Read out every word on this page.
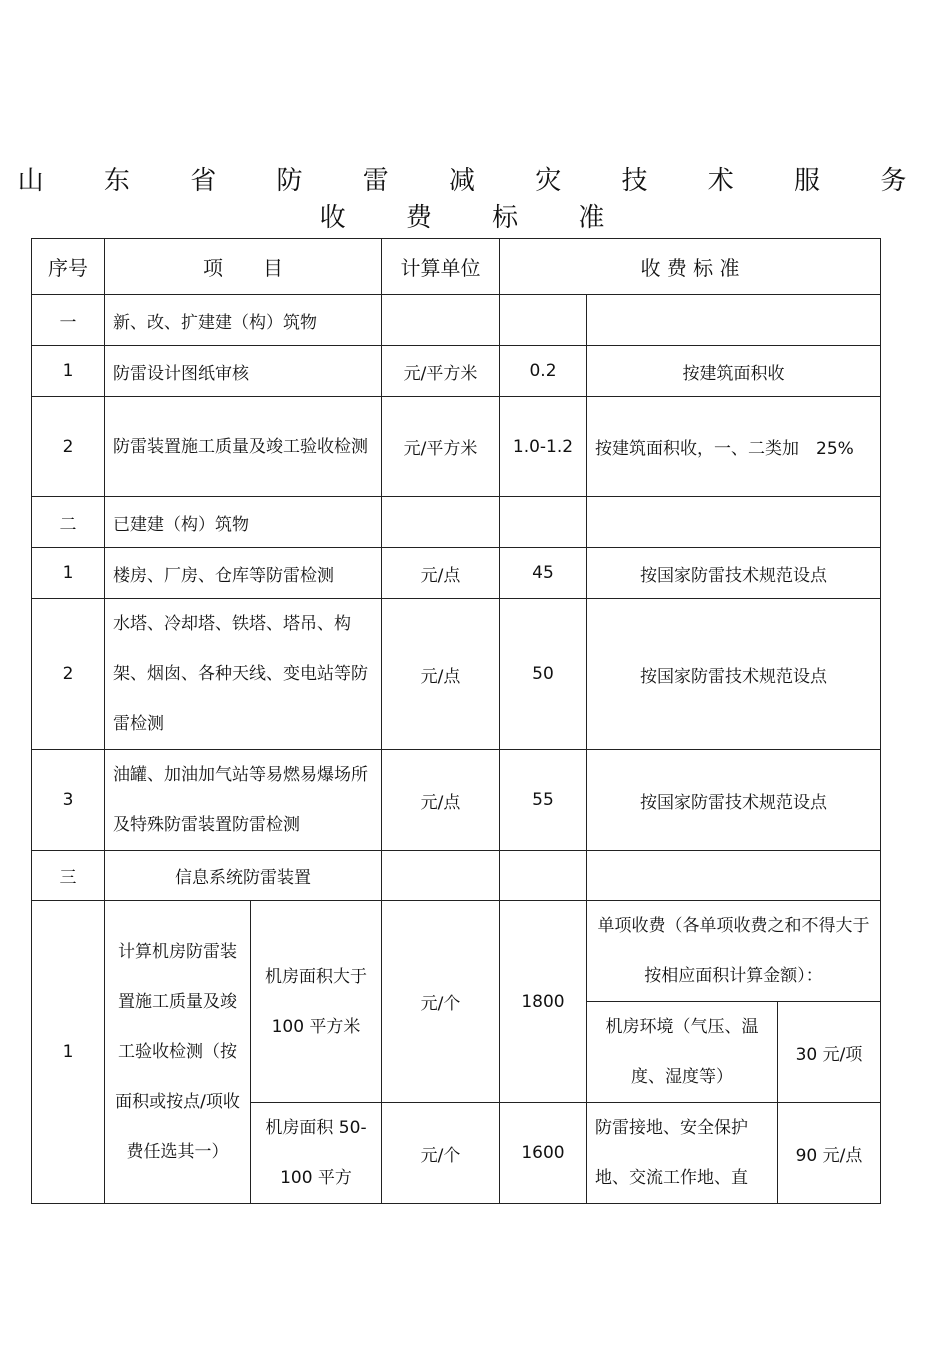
山 东 省 防 雷 减 灾 技 术 服 务 收 费 标 准
序号	项　　目		计算单位	收 费 标 准		
一	新、改、扩建建（构）筑物					
1	防雷设计图纸审核		元/平方米	0.2	按建筑面积收	
2	防雷装置施工质量及竣工验收检测		元/平方米	1.0-1.2	按建筑面积收，一、二类加　25%	
二	已建建（构）筑物					
1	楼房、厂房、仓库等防雷检测		元/点	45	按国家防雷技术规范设点	
2	水塔、冷却塔、铁塔、塔吊、构架、烟囱、各种天线、变电站等防雷检测		元/点	50	按国家防雷技术规范设点	
3	油罐、加油加气站等易燃易爆场所及特殊防雷装置防雷检测		元/点	55	按国家防雷技术规范设点	
三	信息系统防雷装置					
1	计算机房防雷装置施工质量及竣工验收检测（按面积或按点/项收费任选其一）	机房面积大于 100 平方米	元/个	1800	单项收费（各单项收费之和不得大于按相应面积计算金额）：	
					机房环境（气压、温度、湿度等）	30 元/项
		机房面积 50-100 平方	元/个	1600	防雷接地、安全保护地、交流工作地、直	90 元/点
